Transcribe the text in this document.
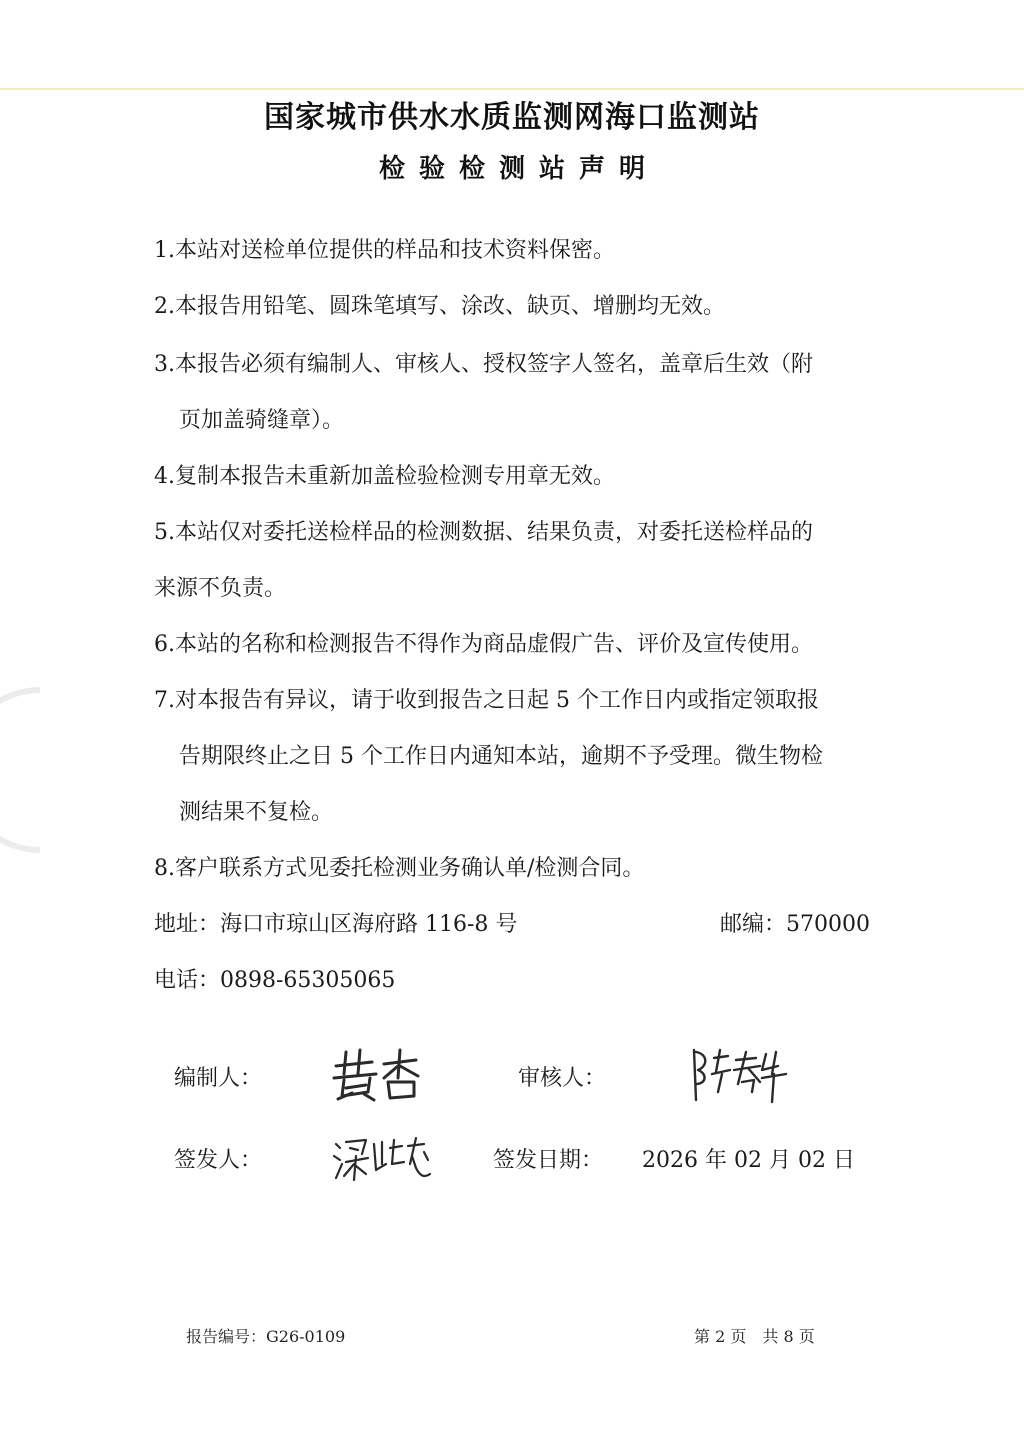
国家城市供水水质监测网海口监测站
检验检测站声明
1.本站对送检单位提供的样品和技术资料保密。
2.本报告用铅笔、圆珠笔填写、涂改、缺页、增删均无效。
3.本报告必须有编制人、审核人、授权签字人签名，盖章后生效（附
页加盖骑缝章）。
4.复制本报告未重新加盖检验检测专用章无效。
5.本站仅对委托送检样品的检测数据、结果负责，对委托送检样品的
来源不负责。
6.本站的名称和检测报告不得作为商品虚假广告、评价及宣传使用。
7.对本报告有异议，请于收到报告之日起 5 个工作日内或指定领取报
告期限终止之日 5 个工作日内通知本站，逾期不予受理。微生物检
测结果不复检。
8.客户联系方式见委托检测业务确认单/检测合同。
地址：海口市琼山区海府路 116-8 号	邮编：570000
电话：0898-65305065
编制人：	审核人：
签发人：	签发日期： 2026 年 02 月 02 日
报告编号：G26-0109	第 2 页　共 8 页
